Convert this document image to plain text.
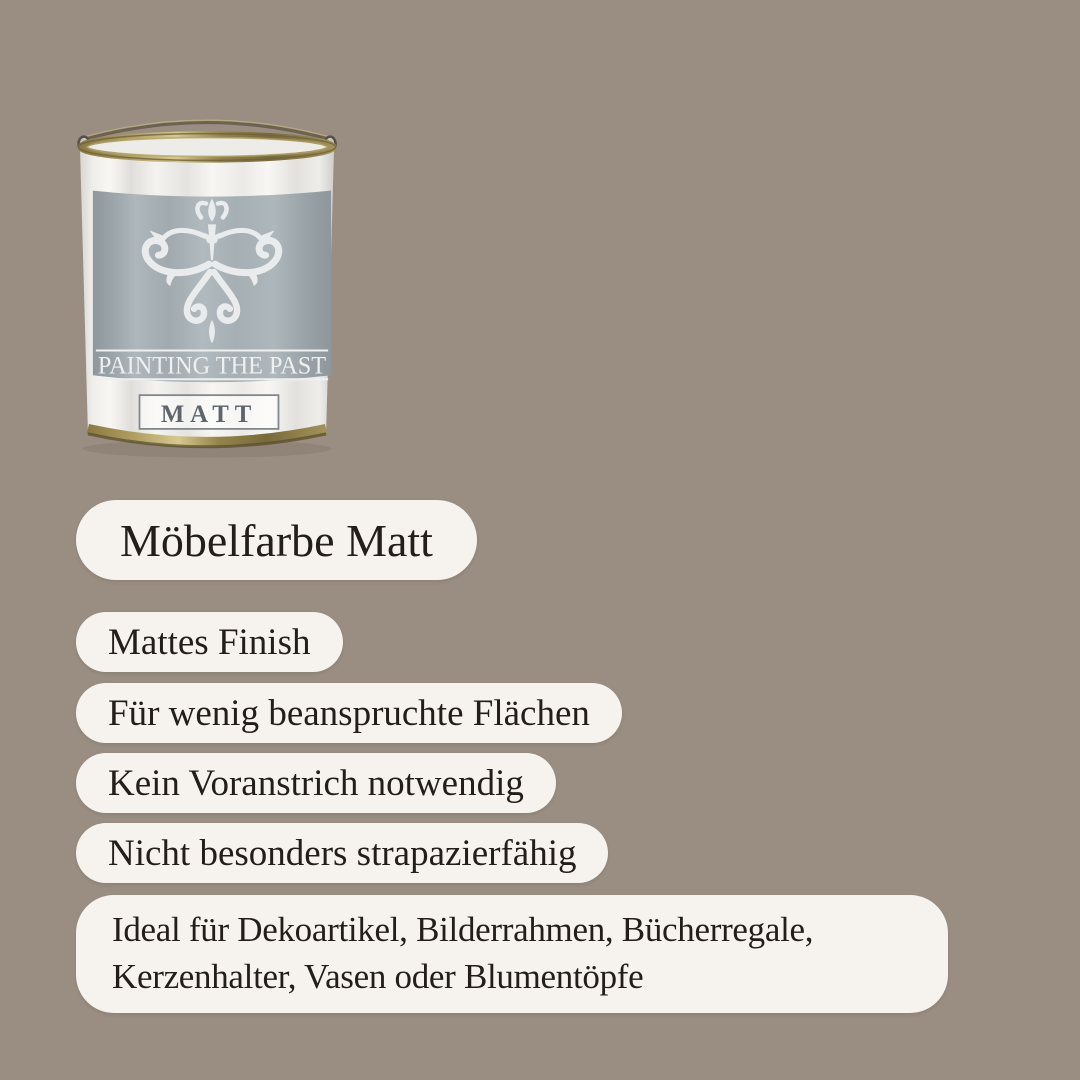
PAINTING THE PAST
MATT
Möbelfarbe Matt
Mattes Finish
Für wenig beanspruchte Flächen
Kein Voranstrich notwendig
Nicht besonders strapazierfähig
Ideal für Dekoartikel, Bilderrahmen, Bücherregale, Kerzenhalter, Vasen oder Blumentöpfe
